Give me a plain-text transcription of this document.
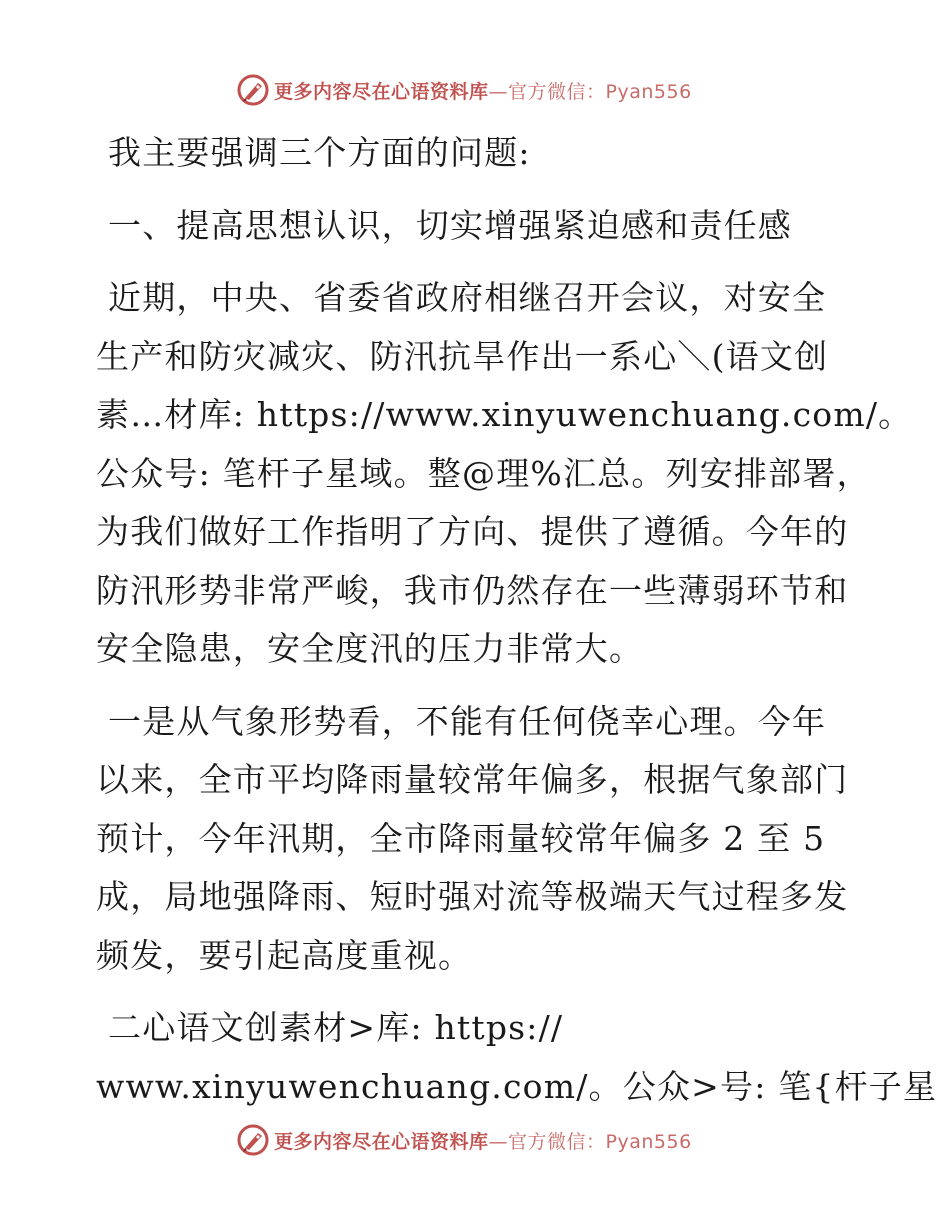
更多内容尽在心语资料库—官方微信：Pyan556

我主要强调三个方面的问题:

一、提高思想认识，切实增强紧迫感和责任感

近期，中央、省委省政府相继召开会议，对安全
生产和防灾减灾、防汛抗旱作出一系心＼(语文创
素…材库: https://www.xinyuwenchuang.com/。
公众号: 笔杆子星域。整@理%汇总。列安排部署，
为我们做好工作指明了方向、提供了遵循。今年的
防汛形势非常严峻，我市仍然存在一些薄弱环节和
安全隐患，安全度汛的压力非常大。

一是从气象形势看，不能有任何侥幸心理。今年
以来，全市平均降雨量较常年偏多，根据气象部门
预计，今年汛期，全市降雨量较常年偏多 2 至 5
成，局地强降雨、短时强对流等极端天气过程多发
频发，要引起高度重视。

二心语文创素材>库: https://
www.xinyuwenchuang.com/。公众>号: 笔{杆子星

更多内容尽在心语资料库—官方微信：Pyan556
